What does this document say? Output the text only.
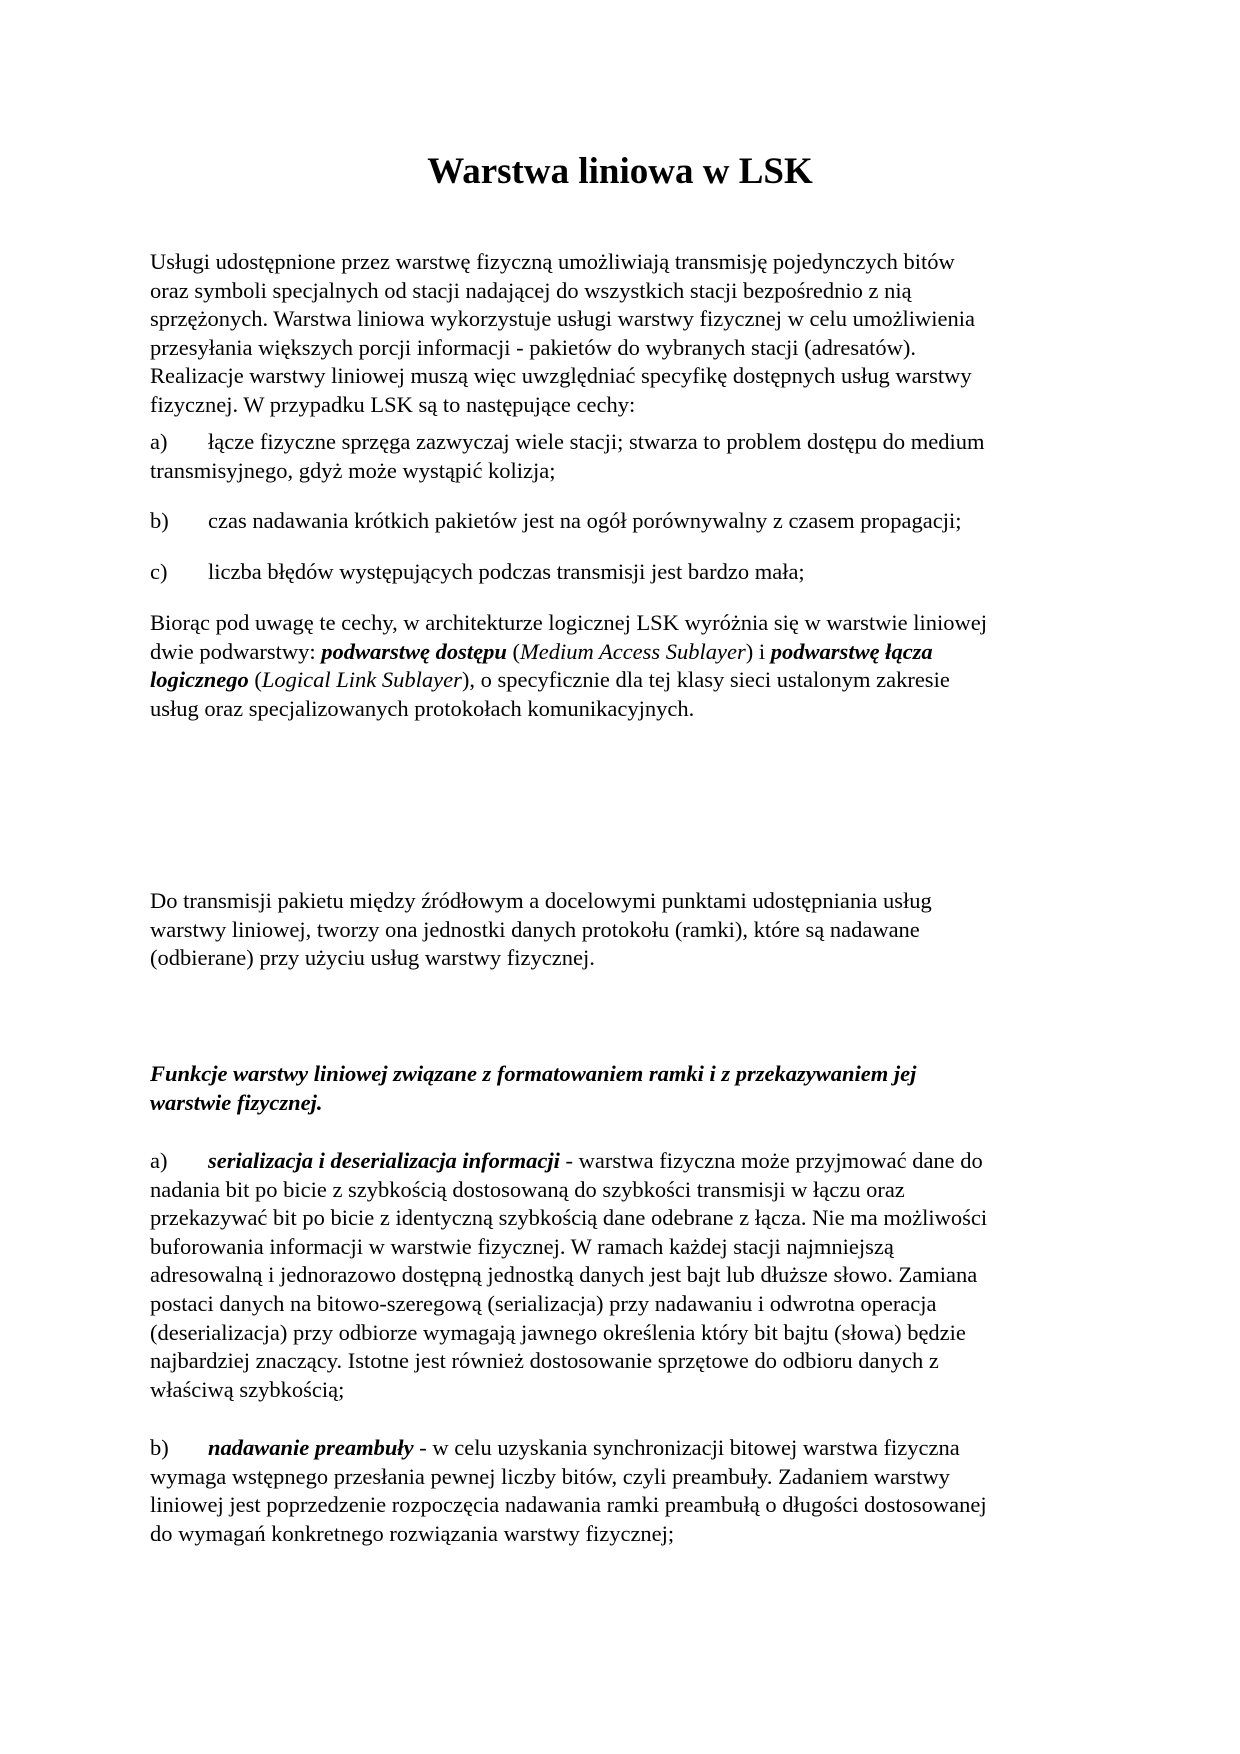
Warstwa liniowa w LSK

Usługi udostępnione przez warstwę fizyczną umożliwiają transmisję pojedynczych bitów
oraz symboli specjalnych od stacji nadającej do wszystkich stacji bezpośrednio z nią
sprzężonych. Warstwa liniowa wykorzystuje usługi warstwy fizycznej w celu umożliwienia
przesyłania większych porcji informacji - pakietów do wybranych stacji (adresatów).
Realizacje warstwy liniowej muszą więc uwzględniać specyfikę dostępnych usług warstwy
fizycznej. W przypadku LSK są to następujące cechy:

a) łącze fizyczne sprzęga zazwyczaj wiele stacji; stwarza to problem dostępu do medium
transmisyjnego, gdyż może wystąpić kolizja;

b) czas nadawania krótkich pakietów jest na ogół porównywalny z czasem propagacji;

c) liczba błędów występujących podczas transmisji jest bardzo mała;

Biorąc pod uwagę te cechy, w architekturze logicznej LSK wyróżnia się w warstwie liniowej
dwie podwarstwy: podwarstwę dostępu (Medium Access Sublayer) i podwarstwę łącza
logicznego (Logical Link Sublayer), o specyficznie dla tej klasy sieci ustalonym zakresie
usług oraz specjalizowanych protokołach komunikacyjnych.

Do transmisji pakietu między źródłowym a docelowymi punktami udostępniania usług
warstwy liniowej, tworzy ona jednostki danych protokołu (ramki), które są nadawane
(odbierane) przy użyciu usług warstwy fizycznej.

Funkcje warstwy liniowej związane z formatowaniem ramki i z przekazywaniem jej
warstwie fizycznej.

a) serializacja i deserializacja informacji - warstwa fizyczna może przyjmować dane do
nadania bit po bicie z szybkością dostosowaną do szybkości transmisji w łączu oraz
przekazywać bit po bicie z identyczną szybkością dane odebrane z łącza. Nie ma możliwości
buforowania informacji w warstwie fizycznej. W ramach każdej stacji najmniejszą
adresowalną i jednorazowo dostępną jednostką danych jest bajt lub dłuższe słowo. Zamiana
postaci danych na bitowo-szeregową (serializacja) przy nadawaniu i odwrotna operacja
(deserializacja) przy odbiorze wymagają jawnego określenia który bit bajtu (słowa) będzie
najbardziej znaczący. Istotne jest również dostosowanie sprzętowe do odbioru danych z
właściwą szybkością;

b) nadawanie preambuły - w celu uzyskania synchronizacji bitowej warstwa fizyczna
wymaga wstępnego przesłania pewnej liczby bitów, czyli preambuły. Zadaniem warstwy
liniowej jest poprzedzenie rozpoczęcia nadawania ramki preambułą o długości dostosowanej
do wymagań konkretnego rozwiązania warstwy fizycznej;
